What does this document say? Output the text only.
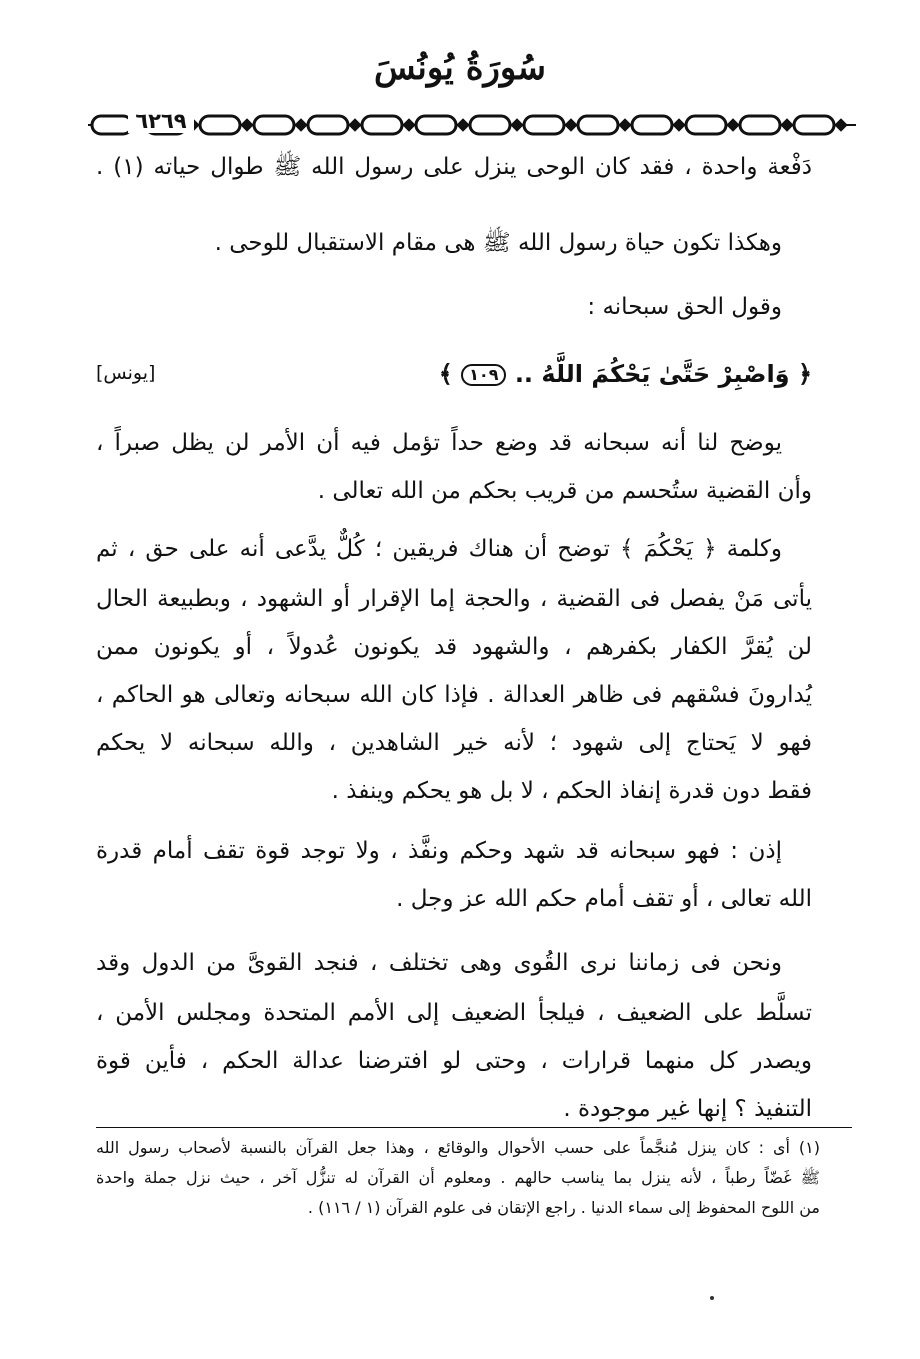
سُورَةُ يُونُسَ
٦٢٦٩
دَفْعة واحدة ، فقد كان الوحى ينزل على رسول الله ﷺ طوال حياته (١) .
وهكذا تكون حياة رسول الله ﷺ هى مقام الاستقبال للوحى .
وقول الحق سبحانه :
﴿ وَاصْبِرْ حَتَّىٰ يَحْكُمَ اللَّهُ .. ١٠٩ ﴾
[يونس]
يوضح لنا أنه سبحانه قد وضع حداً تؤمل فيه أن الأمر لن يظل صبراً ،
وأن القضية ستُحسم من قريب بحكم من الله تعالى .
وكلمة ﴿ يَحْكُمَ ﴾ توضح أن هناك فريقين ؛ كُلٌّ يدَّعى أنه على حق ، ثم
يأتى مَنْ يفصل فى القضية ، والحجة إما الإقرار أو الشهود ، وبطبيعة الحال
لن يُقرَّ الكفار بكفرهم ، والشهود قد يكونون عُدولاً ، أو يكونون ممن
يُدارونَ فسْقهم فى ظاهر العدالة . فإذا كان الله سبحانه وتعالى هو الحاكم ،
فهو لا يَحتاج إلى شهود ؛ لأنه خير الشاهدين ، والله سبحانه لا يحكم
فقط دون قدرة إنفاذ الحكم ، لا بل هو يحكم وينفذ .
إذن : فهو سبحانه قد شهد وحكم ونفَّذ ، ولا توجد قوة تقف أمام قدرة
الله تعالى ، أو تقف أمام حكم الله عز وجل .
ونحن فى زماننا نرى القُوى وهى تختلف ، فنجد القوىَّ من الدول وقد
تسلَّط على الضعيف ، فيلجأ الضعيف إلى الأمم المتحدة ومجلس الأمن ،
ويصدر كل منهما قرارات ، وحتى لو افترضنا عدالة الحكم ، فأين قوة
التنفيذ ؟ إنها غير موجودة .
(١) أى : كان ينزل مُنجَّماً على حسب الأحوال والوقائع ، وهذا جعل القرآن بالنسبة لأصحاب رسول الله
ﷺ غَضّاً رطباً ، لأنه ينزل بما يناسب حالهم . ومعلوم أن القرآن له تنزُّل آخر ، حيث نزل جملة واحدة
من اللوح المحفوظ إلى سماء الدنيا . راجع الإتقان فى علوم القرآن (١ / ١١٦) .
